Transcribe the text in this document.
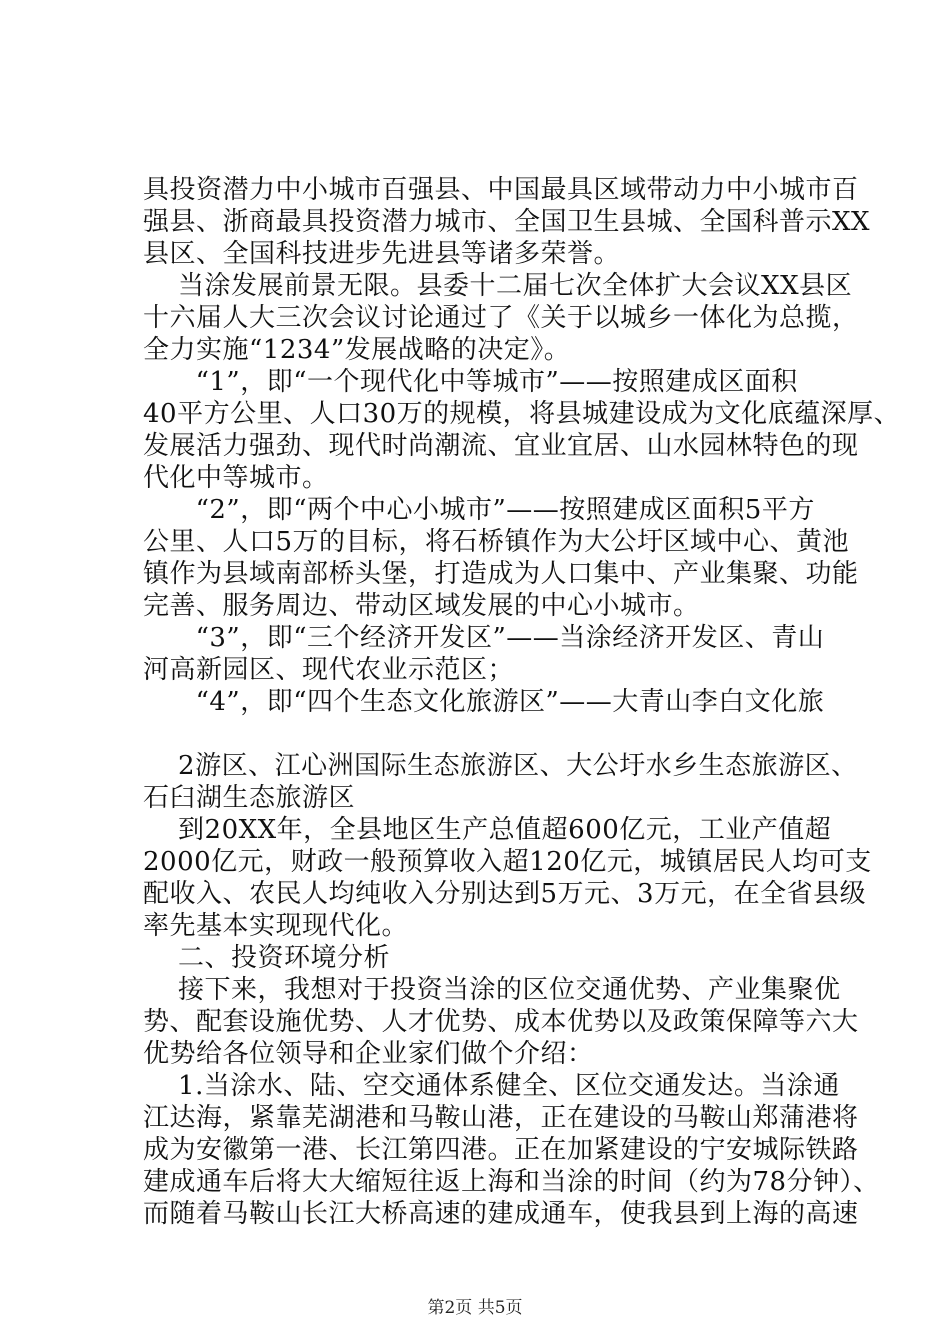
具投资潜力中小城市百强县、中国最具区域带动力中小城市百
强县、浙商最具投资潜力城市、全国卫生县城、全国科普示XX
县区、全国科技进步先进县等诸多荣誉。
当涂发展前景无限。县委十二届七次全体扩大会议XX县区
十六届人大三次会议讨论通过了《关于以城乡一体化为总揽，
全力实施“1234”发展战略的决定》。
“1”，即“一个现代化中等城市”——按照建成区面积
40平方公里、人口30万的规模，将县城建设成为文化底蕴深厚、
发展活力强劲、现代时尚潮流、宜业宜居、山水园林特色的现
代化中等城市。
“2”，即“两个中心小城市”——按照建成区面积5平方
公里、人口5万的目标，将石桥镇作为大公圩区域中心、黄池
镇作为县域南部桥头堡，打造成为人口集中、产业集聚、功能
完善、服务周边、带动区域发展的中心小城市。
“3”，即“三个经济开发区”——当涂经济开发区、青山
河高新园区、现代农业示范区；
“4”，即“四个生态文化旅游区”——大青山李白文化旅
2游区、江心洲国际生态旅游区、大公圩水乡生态旅游区、
石臼湖生态旅游区
到20XX年，全县地区生产总值超600亿元，工业产值超
2000亿元，财政一般预算收入超120亿元，城镇居民人均可支
配收入、农民人均纯收入分别达到5万元、3万元，在全省县级
率先基本实现现代化。
二、投资环境分析
接下来，我想对于投资当涂的区位交通优势、产业集聚优
势、配套设施优势、人才优势、成本优势以及政策保障等六大
优势给各位领导和企业家们做个介绍：
1.当涂水、陆、空交通体系健全、区位交通发达。当涂通
江达海，紧靠芜湖港和马鞍山港，正在建设的马鞍山郑蒲港将
成为安徽第一港、长江第四港。正在加紧建设的宁安城际铁路
建成通车后将大大缩短往返上海和当涂的时间（约为78分钟）、
而随着马鞍山长江大桥高速的建成通车，使我县到上海的高速
第2页 共5页
